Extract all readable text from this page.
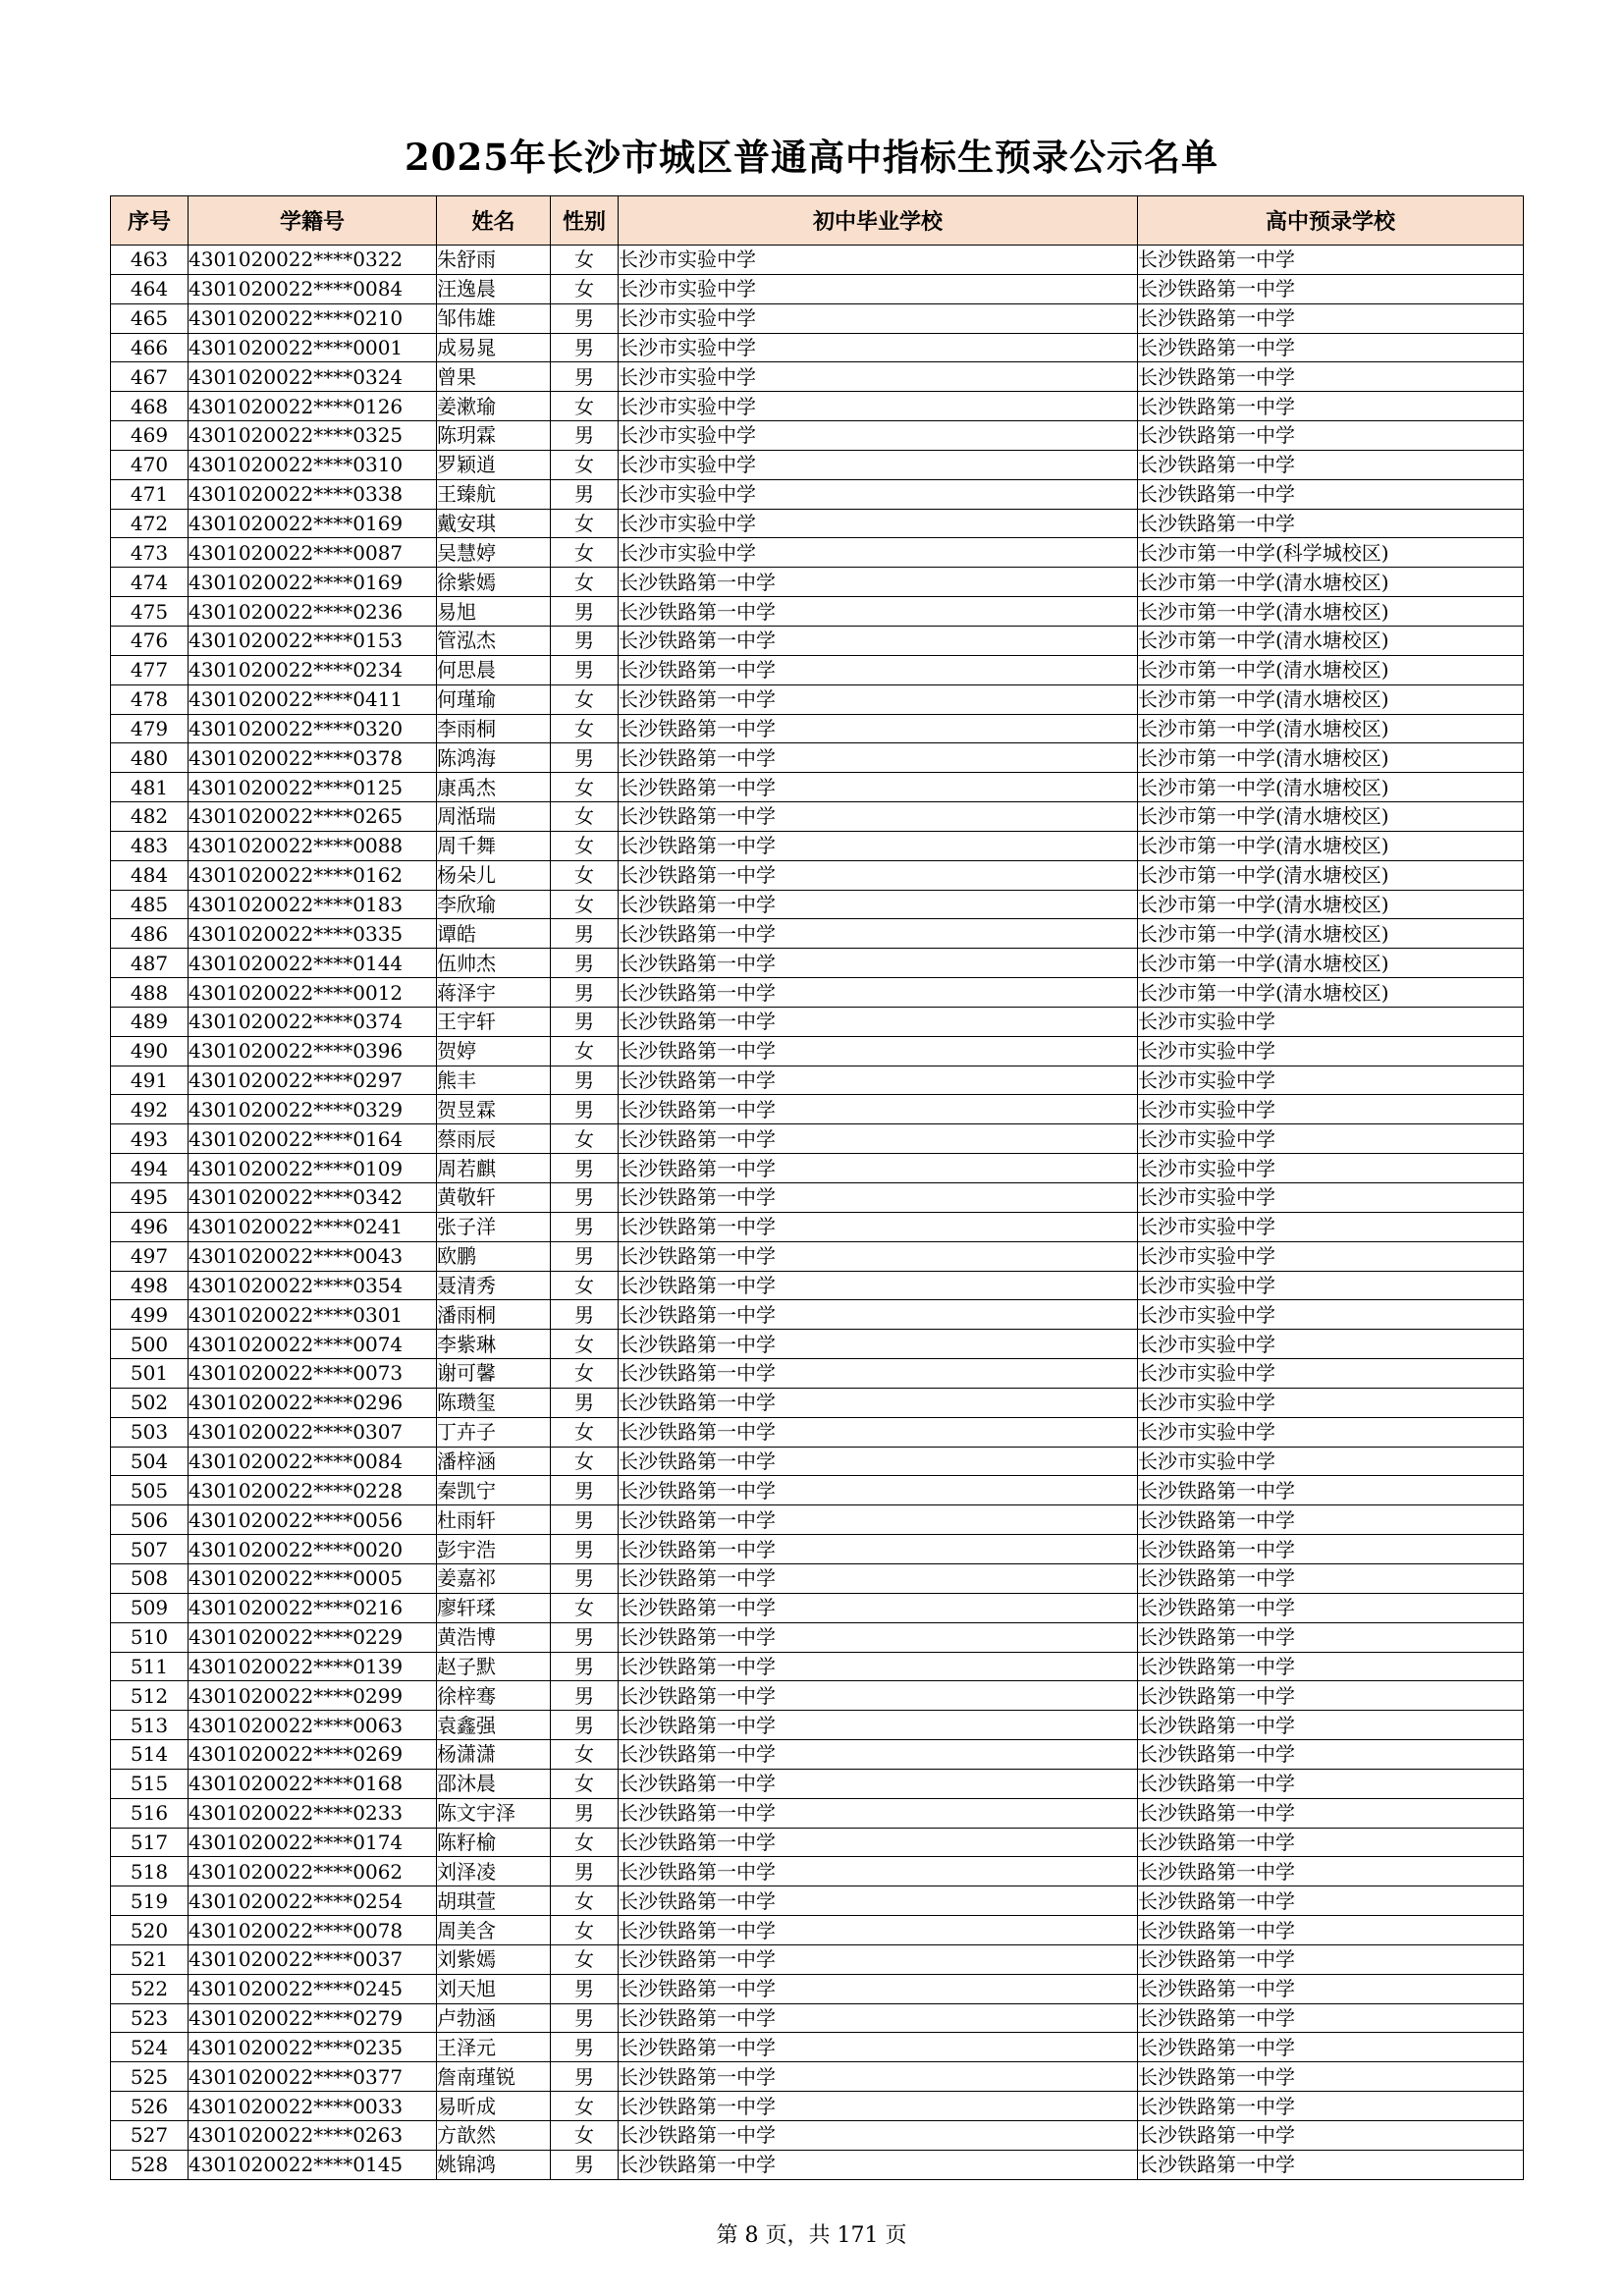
2025年长沙市城区普通高中指标生预录公示名单
序号	学籍号	姓名	性别	初中毕业学校	高中预录学校
463	4301020022****0322	朱舒雨	女	长沙市实验中学	长沙铁路第一中学
464	4301020022****0084	汪逸晨	女	长沙市实验中学	长沙铁路第一中学
465	4301020022****0210	邹伟雄	男	长沙市实验中学	长沙铁路第一中学
466	4301020022****0001	成易晁	男	长沙市实验中学	长沙铁路第一中学
467	4301020022****0324	曾果	男	长沙市实验中学	长沙铁路第一中学
468	4301020022****0126	姜漱瑜	女	长沙市实验中学	长沙铁路第一中学
469	4301020022****0325	陈玥霖	男	长沙市实验中学	长沙铁路第一中学
470	4301020022****0310	罗颖逍	女	长沙市实验中学	长沙铁路第一中学
471	4301020022****0338	王臻航	男	长沙市实验中学	长沙铁路第一中学
472	4301020022****0169	戴安琪	女	长沙市实验中学	长沙铁路第一中学
473	4301020022****0087	吴慧婷	女	长沙市实验中学	长沙市第一中学(科学城校区)
474	4301020022****0169	徐紫嫣	女	长沙铁路第一中学	长沙市第一中学(清水塘校区)
475	4301020022****0236	易旭	男	长沙铁路第一中学	长沙市第一中学(清水塘校区)
476	4301020022****0153	管泓杰	男	长沙铁路第一中学	长沙市第一中学(清水塘校区)
477	4301020022****0234	何思晨	男	长沙铁路第一中学	长沙市第一中学(清水塘校区)
478	4301020022****0411	何瑾瑜	女	长沙铁路第一中学	长沙市第一中学(清水塘校区)
479	4301020022****0320	李雨桐	女	长沙铁路第一中学	长沙市第一中学(清水塘校区)
480	4301020022****0378	陈鸿海	男	长沙铁路第一中学	长沙市第一中学(清水塘校区)
481	4301020022****0125	康禹杰	女	长沙铁路第一中学	长沙市第一中学(清水塘校区)
482	4301020022****0265	周湉瑞	女	长沙铁路第一中学	长沙市第一中学(清水塘校区)
483	4301020022****0088	周千舞	女	长沙铁路第一中学	长沙市第一中学(清水塘校区)
484	4301020022****0162	杨朵儿	女	长沙铁路第一中学	长沙市第一中学(清水塘校区)
485	4301020022****0183	李欣瑜	女	长沙铁路第一中学	长沙市第一中学(清水塘校区)
486	4301020022****0335	谭皓	男	长沙铁路第一中学	长沙市第一中学(清水塘校区)
487	4301020022****0144	伍帅杰	男	长沙铁路第一中学	长沙市第一中学(清水塘校区)
488	4301020022****0012	蒋泽宇	男	长沙铁路第一中学	长沙市第一中学(清水塘校区)
489	4301020022****0374	王宇轩	男	长沙铁路第一中学	长沙市实验中学
490	4301020022****0396	贺婷	女	长沙铁路第一中学	长沙市实验中学
491	4301020022****0297	熊丰	男	长沙铁路第一中学	长沙市实验中学
492	4301020022****0329	贺昱霖	男	长沙铁路第一中学	长沙市实验中学
493	4301020022****0164	蔡雨辰	女	长沙铁路第一中学	长沙市实验中学
494	4301020022****0109	周若麒	男	长沙铁路第一中学	长沙市实验中学
495	4301020022****0342	黄敬轩	男	长沙铁路第一中学	长沙市实验中学
496	4301020022****0241	张子洋	男	长沙铁路第一中学	长沙市实验中学
497	4301020022****0043	欧鹏	男	长沙铁路第一中学	长沙市实验中学
498	4301020022****0354	聂清秀	女	长沙铁路第一中学	长沙市实验中学
499	4301020022****0301	潘雨桐	男	长沙铁路第一中学	长沙市实验中学
500	4301020022****0074	李紫琳	女	长沙铁路第一中学	长沙市实验中学
501	4301020022****0073	谢可馨	女	长沙铁路第一中学	长沙市实验中学
502	4301020022****0296	陈瓒玺	男	长沙铁路第一中学	长沙市实验中学
503	4301020022****0307	丁卉子	女	长沙铁路第一中学	长沙市实验中学
504	4301020022****0084	潘梓涵	女	长沙铁路第一中学	长沙市实验中学
505	4301020022****0228	秦凯宁	男	长沙铁路第一中学	长沙铁路第一中学
506	4301020022****0056	杜雨轩	男	长沙铁路第一中学	长沙铁路第一中学
507	4301020022****0020	彭宇浩	男	长沙铁路第一中学	长沙铁路第一中学
508	4301020022****0005	姜嘉祁	男	长沙铁路第一中学	长沙铁路第一中学
509	4301020022****0216	廖轩瑈	女	长沙铁路第一中学	长沙铁路第一中学
510	4301020022****0229	黄浩博	男	长沙铁路第一中学	长沙铁路第一中学
511	4301020022****0139	赵子默	男	长沙铁路第一中学	长沙铁路第一中学
512	4301020022****0299	徐梓骞	男	长沙铁路第一中学	长沙铁路第一中学
513	4301020022****0063	袁鑫强	男	长沙铁路第一中学	长沙铁路第一中学
514	4301020022****0269	杨潇潇	女	长沙铁路第一中学	长沙铁路第一中学
515	4301020022****0168	邵沐晨	女	长沙铁路第一中学	长沙铁路第一中学
516	4301020022****0233	陈文宇泽	男	长沙铁路第一中学	长沙铁路第一中学
517	4301020022****0174	陈籽榆	女	长沙铁路第一中学	长沙铁路第一中学
518	4301020022****0062	刘泽凌	男	长沙铁路第一中学	长沙铁路第一中学
519	4301020022****0254	胡琪萱	女	长沙铁路第一中学	长沙铁路第一中学
520	4301020022****0078	周美含	女	长沙铁路第一中学	长沙铁路第一中学
521	4301020022****0037	刘紫嫣	女	长沙铁路第一中学	长沙铁路第一中学
522	4301020022****0245	刘天旭	男	长沙铁路第一中学	长沙铁路第一中学
523	4301020022****0279	卢勃涵	男	长沙铁路第一中学	长沙铁路第一中学
524	4301020022****0235	王泽元	男	长沙铁路第一中学	长沙铁路第一中学
525	4301020022****0377	詹南瑾锐	男	长沙铁路第一中学	长沙铁路第一中学
526	4301020022****0033	易昕成	女	长沙铁路第一中学	长沙铁路第一中学
527	4301020022****0263	方歆然	女	长沙铁路第一中学	长沙铁路第一中学
528	4301020022****0145	姚锦鸿	男	长沙铁路第一中学	长沙铁路第一中学
第 8 页，共 171 页
